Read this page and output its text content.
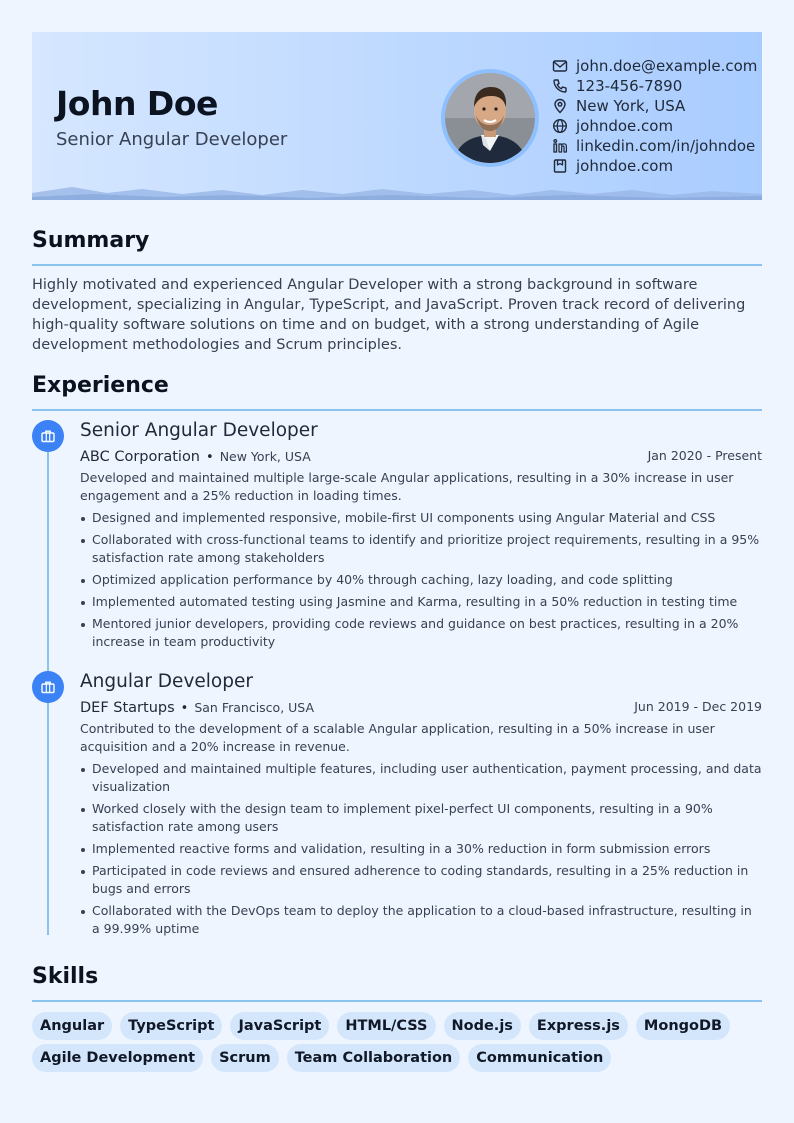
John Doe
Senior Angular Developer
john.doe@example.com
123-456-7890
New York, USA
johndoe.com
linkedin.com/in/johndoe
johndoe.com
Summary
Highly motivated and experienced Angular Developer with a strong background in software development, specializing in Angular, TypeScript, and JavaScript. Proven track record of delivering high-quality software solutions on time and on budget, with a strong understanding of Agile development methodologies and Scrum principles.
Experience
Senior Angular Developer
ABC Corporation • New York, USA	Jan 2020 - Present
Developed and maintained multiple large-scale Angular applications, resulting in a 30% increase in user engagement and a 25% reduction in loading times.
Designed and implemented responsive, mobile-first UI components using Angular Material and CSS
Collaborated with cross-functional teams to identify and prioritize project requirements, resulting in a 95% satisfaction rate among stakeholders
Optimized application performance by 40% through caching, lazy loading, and code splitting
Implemented automated testing using Jasmine and Karma, resulting in a 50% reduction in testing time
Mentored junior developers, providing code reviews and guidance on best practices, resulting in a 20% increase in team productivity
Angular Developer
DEF Startups • San Francisco, USA	Jun 2019 - Dec 2019
Contributed to the development of a scalable Angular application, resulting in a 50% increase in user acquisition and a 20% increase in revenue.
Developed and maintained multiple features, including user authentication, payment processing, and data visualization
Worked closely with the design team to implement pixel-perfect UI components, resulting in a 90% satisfaction rate among users
Implemented reactive forms and validation, resulting in a 30% reduction in form submission errors
Participated in code reviews and ensured adherence to coding standards, resulting in a 25% reduction in bugs and errors
Collaborated with the DevOps team to deploy the application to a cloud-based infrastructure, resulting in a 99.99% uptime
Skills
Angular	TypeScript	JavaScript	HTML/CSS	Node.js	Express.js	MongoDB
Agile Development	Scrum	Team Collaboration	Communication
